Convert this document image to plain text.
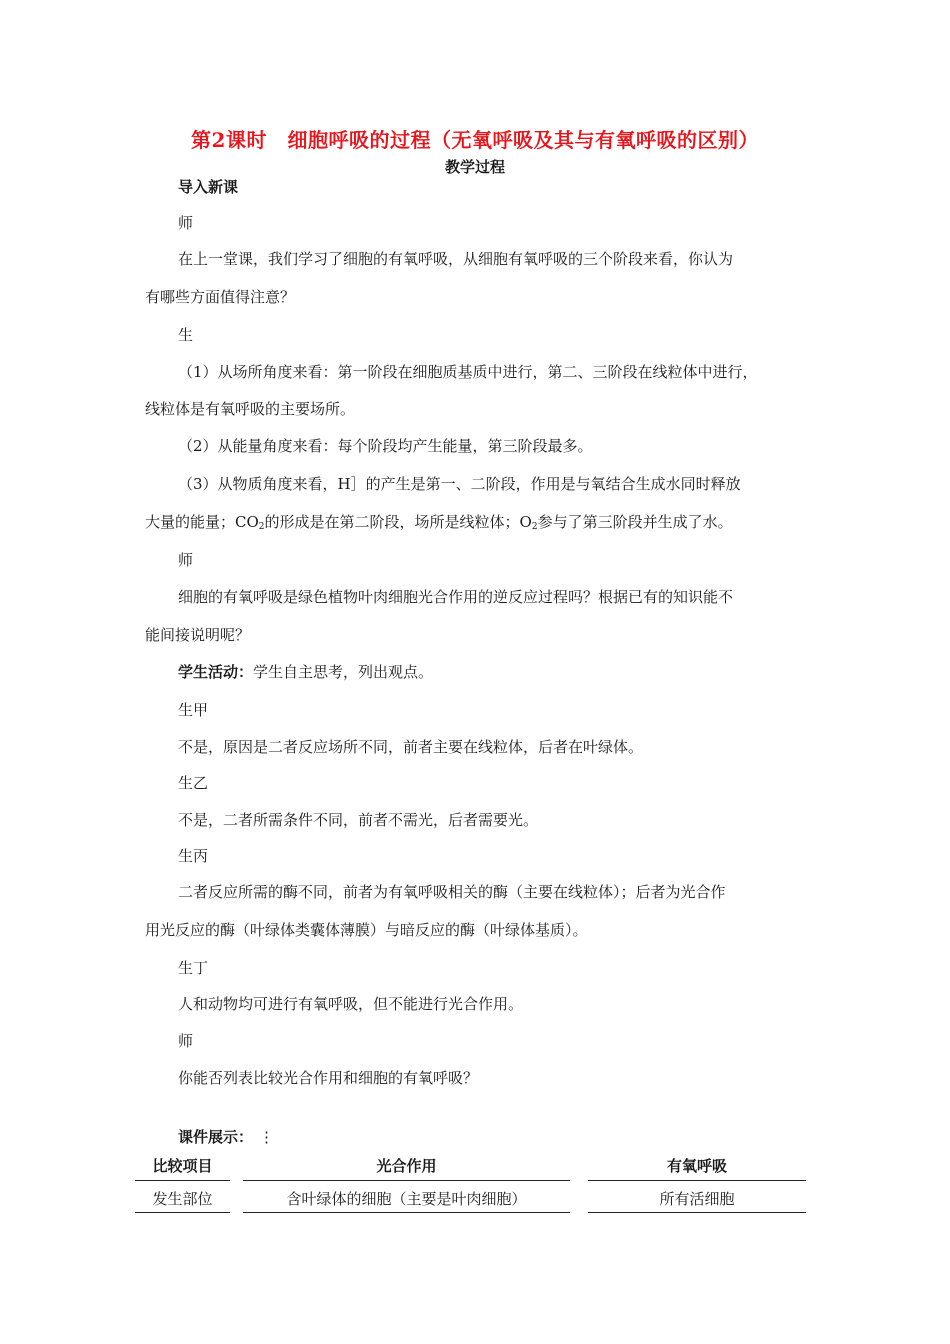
第2课时　细胞呼吸的过程（无氧呼吸及其与有氧呼吸的区别）
教学过程
导入新课
师
在上一堂课，我们学习了细胞的有氧呼吸，从细胞有氧呼吸的三个阶段来看，你认为
有哪些方面值得注意？
生
（1）从场所角度来看：第一阶段在细胞质基质中进行，第二、三阶段在线粒体中进行，
线粒体是有氧呼吸的主要场所。
（2）从能量角度来看：每个阶段均产生能量，第三阶段最多。
（3）从物质角度来看，H］的产生是第一、二阶段，作用是与氧结合生成水同时释放
大量的能量；$CO_2$的形成是在第二阶段，场所是线粒体；$O_2$参与了第三阶段并生成了水。
师
细胞的有氧呼吸是绿色植物叶肉细胞光合作用的逆反应过程吗？根据已有的知识能不
能间接说明呢？
学生活动：学生自主思考，列出观点。
生甲
不是，原因是二者反应场所不同，前者主要在线粒体，后者在叶绿体。
生乙
不是，二者所需条件不同，前者不需光，后者需要光。
生丙
二者反应所需的酶不同，前者为有氧呼吸相关的酶（主要在线粒体）；后者为光合作
用光反应的酶（叶绿体类囊体薄膜）与暗反应的酶（叶绿体基质）。
生丁
人和动物均可进行有氧呼吸，但不能进行光合作用。
师
你能否列表比较光合作用和细胞的有氧呼吸？
课件展示： ⋮
比较项目	光合作用	有氧呼吸
发生部位	含叶绿体的细胞（主要是叶肉细胞）	所有活细胞
